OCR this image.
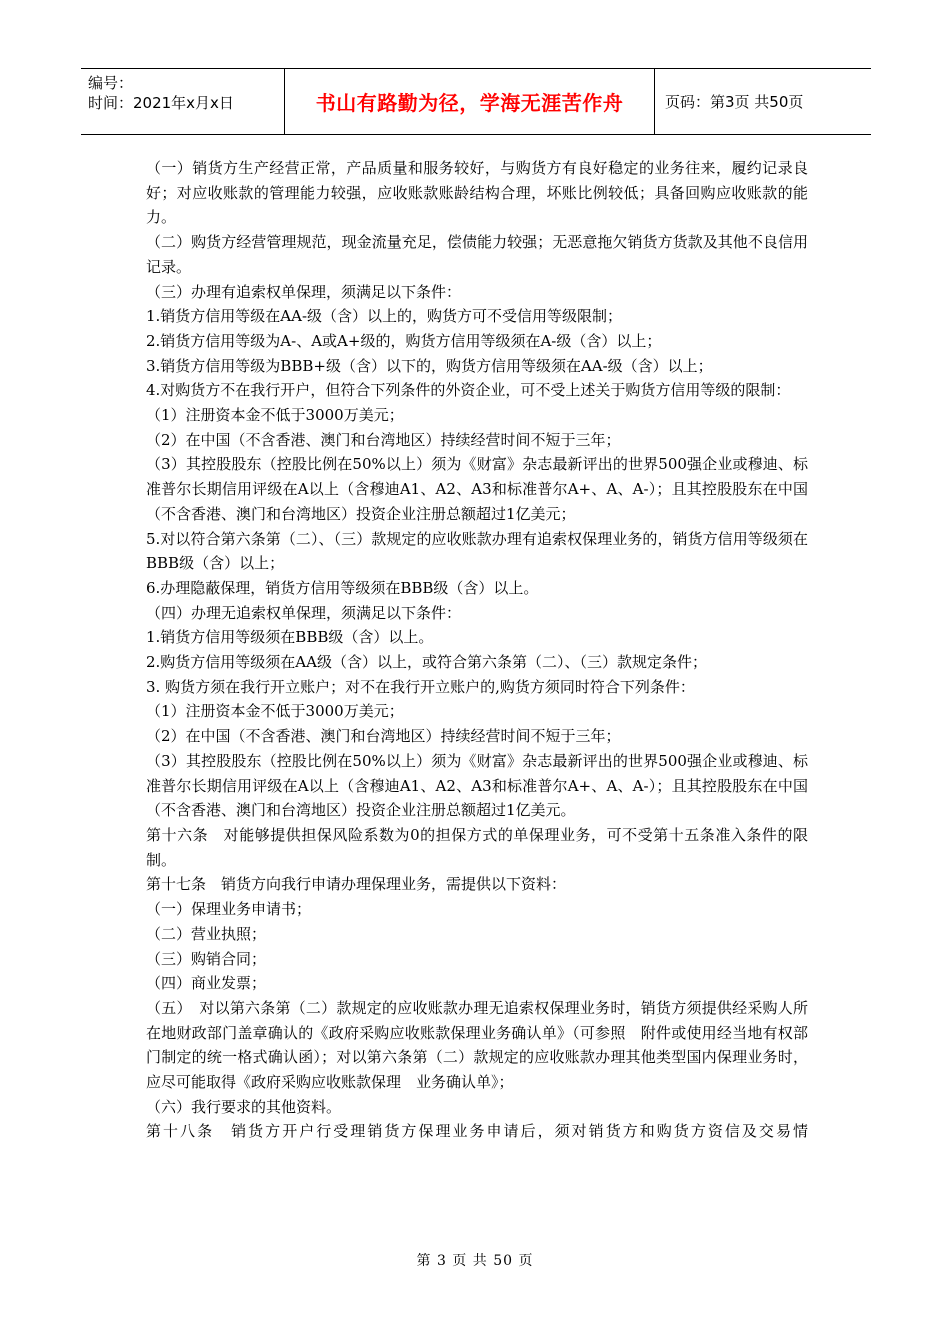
编号：
时间：2021年x月x日	书山有路勤为径，学海无涯苦作舟	页码：第3页 共50页

（一）销货方生产经营正常，产品质量和服务较好，与购货方有良好稳定的业务往来，履约记录良好；对应收账款的管理能力较强，应收账款账龄结构合理，坏账比例较低；具备回购应收账款的能力。

（二）购货方经营管理规范，现金流量充足，偿债能力较强；无恶意拖欠销货方货款及其他不良信用记录。

（三）办理有追索权单保理，须满足以下条件：

1.销货方信用等级在AA-级（含）以上的，购货方可不受信用等级限制；

2.销货方信用等级为A-、A或A+级的，购货方信用等级须在A-级（含）以上；

3.销货方信用等级为BBB+级（含）以下的，购货方信用等级须在AA-级（含）以上；

4.对购货方不在我行开户，但符合下列条件的外资企业，可不受上述关于购货方信用等级的限制：

（1）注册资本金不低于3000万美元；

（2）在中国（不含香港、澳门和台湾地区）持续经营时间不短于三年；

（3）其控股股东（控股比例在50%以上）须为《财富》杂志最新评出的世界500强企业或穆迪、标准普尔长期信用评级在A以上（含穆迪A1、A2、A3和标准普尔A+、A、A-）；且其控股股东在中国（不含香港、澳门和台湾地区）投资企业注册总额超过1亿美元；

5.对以符合第六条第（二）、（三）款规定的应收账款办理有追索权保理业务的，销货方信用等级须在BBB级（含）以上；

6.办理隐蔽保理，销货方信用等级须在BBB级（含）以上。

（四）办理无追索权单保理，须满足以下条件：

1.销货方信用等级须在BBB级（含）以上。

2.购货方信用等级须在AA级（含）以上，或符合第六条第（二）、（三）款规定条件；

3. 购货方须在我行开立账户；对不在我行开立账户的,购货方须同时符合下列条件：

（1）注册资本金不低于3000万美元；

（2）在中国（不含香港、澳门和台湾地区）持续经营时间不短于三年；

（3）其控股股东（控股比例在50%以上）须为《财富》杂志最新评出的世界500强企业或穆迪、标准普尔长期信用评级在A以上（含穆迪A1、A2、A3和标准普尔A+、A、A-）；且其控股股东在中国（不含香港、澳门和台湾地区）投资企业注册总额超过1亿美元。

第十六条　对能够提供担保风险系数为0的担保方式的单保理业务，可不受第十五条准入条件的限制。

第十七条　销货方向我行申请办理保理业务，需提供以下资料：

（一）保理业务申请书；

（二）营业执照；

（三）购销合同；

（四）商业发票；

（五）　对以第六条第（二）款规定的应收账款办理无追索权保理业务时，销货方须提供经采购人所在地财政部门盖章确认的《政府采购应收账款保理业务确认单》（可参照　附件或使用经当地有权部门制定的统一格式确认函）；对以第六条第（二）款规定的应收账款办理其他类型国内保理业务时，应尽可能取得《政府采购应收账款保理　业务确认单》；

（六）我行要求的其他资料。

第十八条　销货方开户行受理销货方保理业务申请后，须对销货方和购货方资信及交易情

第 3 页 共 50 页
